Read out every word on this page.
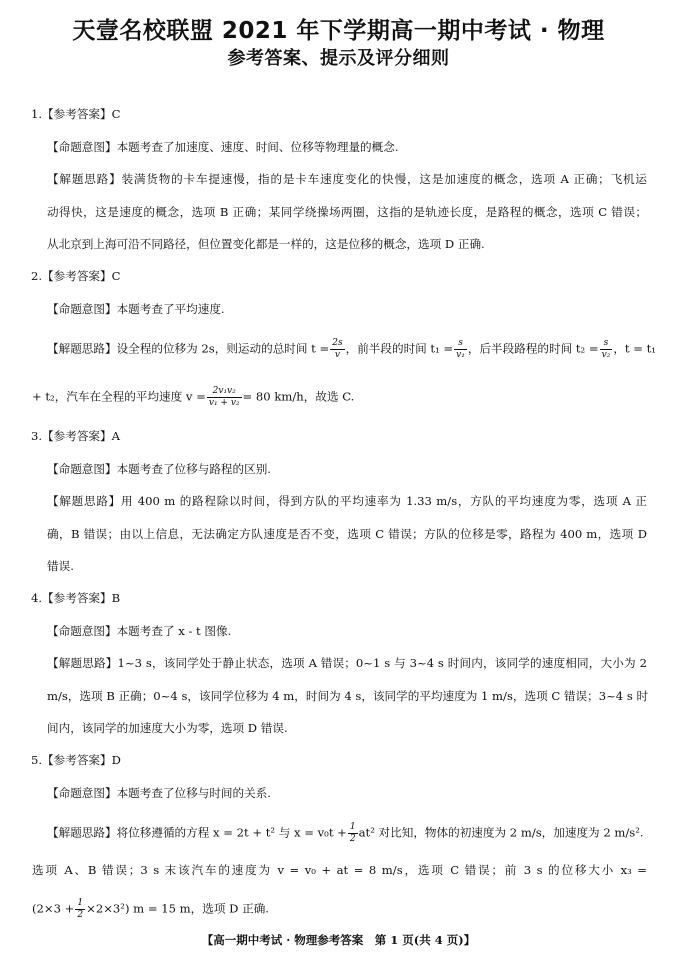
天壹名校联盟 2021 年下学期高一期中考试 · 物理
参考答案、提示及评分细则
1.【参考答案】C
【命题意图】本题考查了加速度、速度、时间、位移等物理量的概念.
【解题思路】装满货物的卡车提速慢，指的是卡车速度变化的快慢，这是加速度的概念，选项 A 正确；飞机运
动得快，这是速度的概念，选项 B 正确；某同学绕操场两圈，这指的是轨迹长度，是路程的概念，选项 C 错误；
从北京到上海可沿不同路径，但位置变化都是一样的，这是位移的概念，选项 D 正确.
2.【参考答案】C
【命题意图】本题考查了平均速度.
【解题思路】设全程的位移为 2s，则运动的总时间 $t = \frac{2s}{v}$ ，前半段的时间 $t_1 = \frac{s}{\text{v₁}}$ ，后半段路程的时间 $t_2 = \frac{s}{\text{v₂}}$ ，t = t₁
+ t₂，汽车在全程的平均速度 $v = \frac{\text{2v₁v₂}}{\text{v₁ + v₂}} = 80$ km/h，故选 C.
3.【参考答案】A
【命题意图】本题考查了位移与路程的区别.
【解题思路】用 400 m 的路程除以时间，得到方队的平均速率为 1.33 m/s，方队的平均速度为零，选项 A 正
确，B 错误；由以上信息，无法确定方队速度是否不变，选项 C 错误；方队的位移是零，路程为 400 m，选项 D
错误.
4.【参考答案】B
【命题意图】本题考查了 x - t 图像.
【解题思路】1~3 s，该同学处于静止状态，选项 A 错误；0~1 s 与 3~4 s 时间内，该同学的速度相同，大小为 2
m/s，选项 B 正确；0~4 s，该同学位移为 4 m，时间为 4 s，该同学的平均速度为 1 m/s，选项 C 错误；3~4 s 时
间内，该同学的加速度大小为零，选项 D 错误.
5.【参考答案】D
【命题意图】本题考查了位移与时间的关系.
【解题思路】将位移遵循的方程 x = 2t + t² 与 $x = v_0t + \frac{1}{2} at^2$ 对比知，物体的初速度为 2 m/s，加速度为 2 m/s².
选项 A、B 错误；3 s 末该汽车的速度为 v = v₀ + at = 8 m/s，选项 C 错误；前 3 s 的位移大小 x₃ =
$(2\times 3 + \frac{1}{2} \times 2\times 3^2)$ m = 15 m，选项 D 正确.
【高一期中考试 · 物理参考答案　第 1 页(共 4 页)】
